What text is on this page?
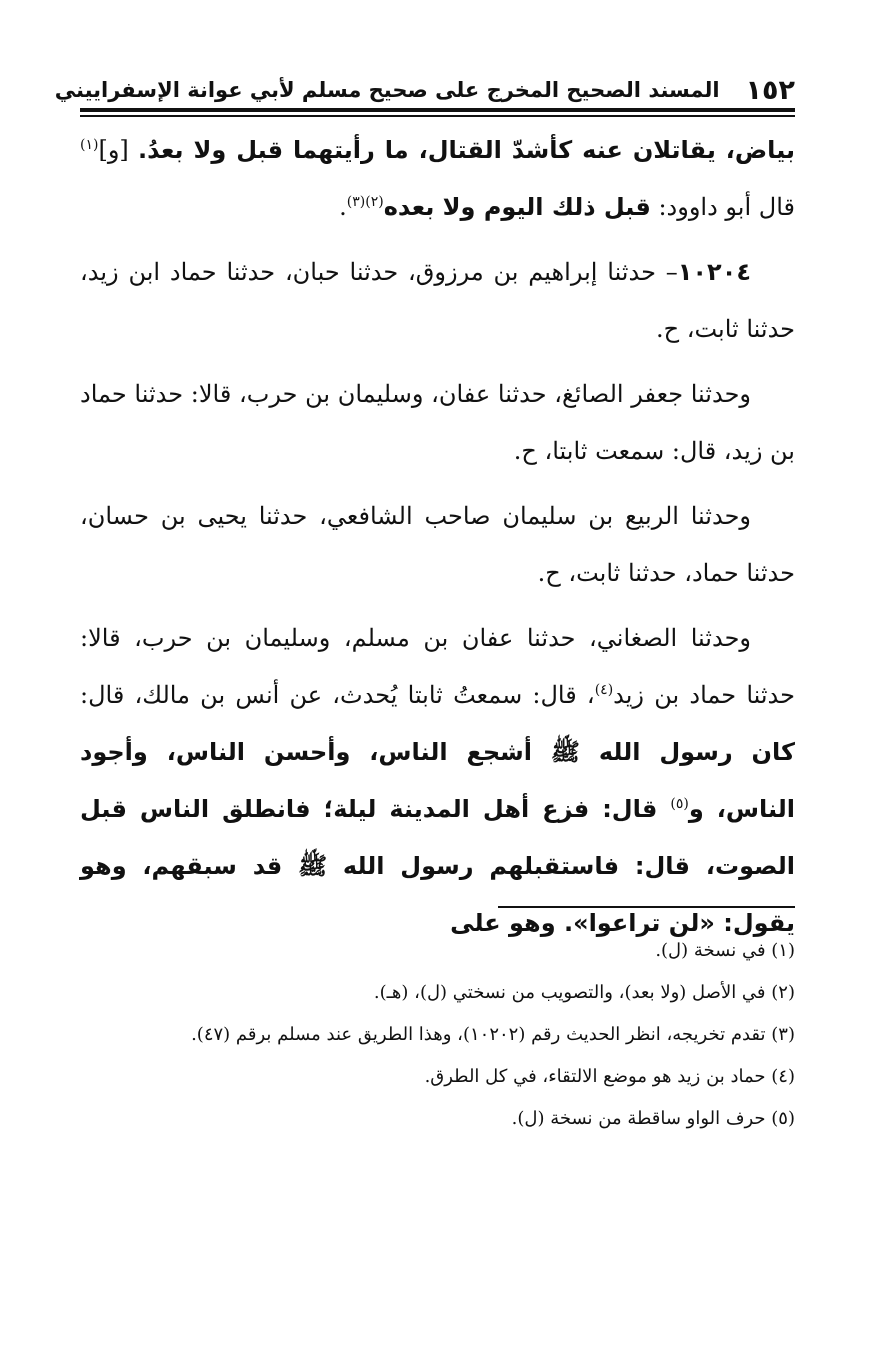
١٥٢
المسند الصحيح المخرج على صحيح مسلم لأبي عوانة الإسفراييني

بياض، يقاتلان عنه كأشدّ القتال، ما رأيتهما قبل ولا بعدُ. [و]$^{(١)}$ قال أبو داوود: قبل ذلك اليوم ولا بعده$^{(٢)(٣)}$.

١٠٢٠٤– حدثنا إبراهيم بن مرزوق، حدثنا حبان، حدثنا حماد ابن زيد، حدثنا ثابت، ح.

وحدثنا جعفر الصائغ، حدثنا عفان، وسليمان بن حرب، قالا: حدثنا حماد بن زيد، قال: سمعت ثابتا، ح.

وحدثنا الربيع بن سليمان صاحب الشافعي، حدثنا يحيى بن حسان، حدثنا حماد، حدثنا ثابت، ح.

وحدثنا الصغاني، حدثنا عفان بن مسلم، وسليمان بن حرب، قالا: حدثنا حماد بن زيد$^{(٤)}$، قال: سمعتُ ثابتا يُحدث، عن أنس بن مالك، قال: كان رسول الله ﷺ أشجع الناس، وأحسن الناس، وأجود الناس، و$^{(٥)}$ قال: فزع أهل المدينة ليلة؛ فانطلق الناس قبل الصوت، قال: فاستقبلهم رسول الله ﷺ قد سبقهم، وهو يقول: «لن تراعوا». وهو على

(١) في نسخة (ل).

(٢) في الأصل (ولا بعد)، والتصويب من نسختي (ل)، (هـ).

(٣) تقدم تخريجه، انظر الحديث رقم (١٠٢٠٢)، وهذا الطريق عند مسلم برقم (٤٧).

(٤) حماد بن زيد هو موضع الالتقاء، في كل الطرق.

(٥) حرف الواو ساقطة من نسخة (ل).
